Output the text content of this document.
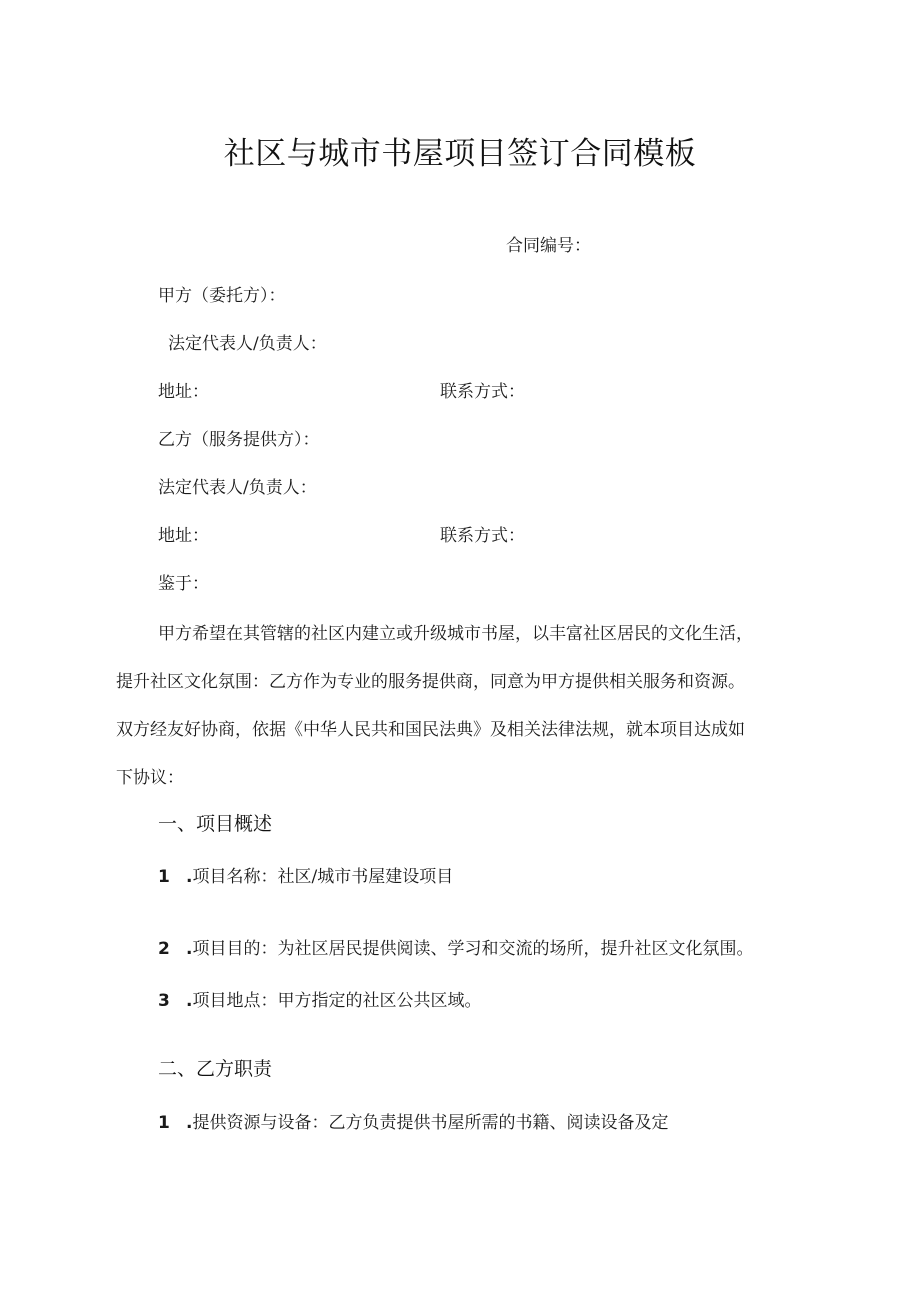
社区与城市书屋项目签订合同模板
合同编号：
甲方（委托方）：
法定代表人/负责人：
地址：	联系方式：
乙方（服务提供方）：
法定代表人/负责人：
地址：	联系方式：
鉴于：
甲方希望在其管辖的社区内建立或升级城市书屋，以丰富社区居民的文化生活，
提升社区文化氛围：乙方作为专业的服务提供商，同意为甲方提供相关服务和资源。
双方经友好协商，依据《中华人民共和国民法典》及相关法律法规，就本项目达成如
下协议：
一、项目概述
1 .项目名称：社区/城市书屋建设项目
2 .项目目的：为社区居民提供阅读、学习和交流的场所，提升社区文化氛围。
3 .项目地点：甲方指定的社区公共区域。
二、乙方职责
1 .提供资源与设备：乙方负责提供书屋所需的书籍、阅读设备及定
